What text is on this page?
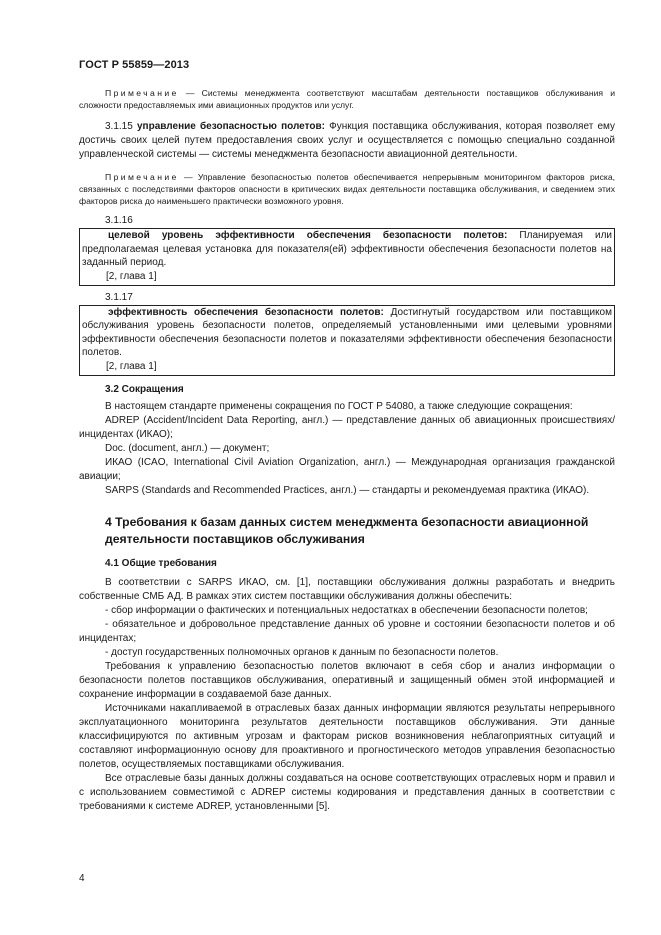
ГОСТ Р 55859—2013

Примечание — Системы менеджмента соответствуют масштабам деятельности поставщиков обслуживания и сложности предоставляемых ими авиационных продуктов или услуг.

3.1.15 управление безопасностью полетов: Функция поставщика обслуживания, которая позволяет ему достичь своих целей путем предоставления своих услуг и осуществляется с помощью специально созданной управленческой системы — системы менеджмента безопасности авиационной деятельности.

Примечание — Управление безопасностью полетов обеспечивается непрерывным мониторингом факторов риска, связанных с последствиями факторов опасности в критических видах деятельности поставщика обслуживания, и сведением этих факторов риска до наименьшего практически возможного уровня.

3.1.16

целевой уровень эффективности обеспечения безопасности полетов: Планируемая или предполагаемая целевая установка для показателя(ей) эффективности обеспечения безопасности полетов на заданный период.

[2, глава 1]
3.1.17

эффективность обеспечения безопасности полетов: Достигнутый государством или поставщиком обслуживания уровень безопасности полетов, определяемый установленными ими целевыми уровнями эффективности обеспечения безопасности полетов и показателями эффективности обеспечения безопасности полетов.

[2, глава 1]
3.2 Сокращения

В настоящем стандарте применены сокращения по ГОСТ Р 54080, а также следующие сокращения:

ADREP (Accident/Incident Data Reporting, англ.) — представление данных об авиационных происшествиях/инцидентах (ИКАО);

Doc. (document, англ.) — документ;

ИКАО (ICAO, International Civil Aviation Organization, англ.) — Международная организация гражданской авиации;

SARPS (Standards and Recommended Practices, англ.) — стандарты и рекомендуемая практика (ИКАО).

4 Требования к базам данных систем менеджмента безопасности авиационной деятельности поставщиков обслуживания
4.1 Общие требования

В соответствии с SARPS ИКАО, см. [1], поставщики обслуживания должны разработать и внедрить собственные СМБ АД. В рамках этих систем поставщики обслуживания должны обеспечить:

- сбор информации о фактических и потенциальных недостатках в обеспечении безопасности полетов;

- обязательное и добровольное представление данных об уровне и состоянии безопасности полетов и об инцидентах;

- доступ государственных полномочных органов к данным по безопасности полетов.

Требования к управлению безопасностью полетов включают в себя сбор и анализ информации о безопасности полетов поставщиков обслуживания, оперативный и защищенный обмен этой информацией и сохранение информации в создаваемой базе данных.

Источниками накапливаемой в отраслевых базах данных информации являются результаты непрерывного эксплуатационного мониторинга результатов деятельности поставщиков обслуживания. Эти данные классифицируются по активным угрозам и факторам рисков возникновения неблагоприятных ситуаций и составляют информационную основу для проактивного и прогностического методов управления безопасностью полетов, осуществляемых поставщиками обслуживания.

Все отраслевые базы данных должны создаваться на основе соответствующих отраслевых норм и правил и с использованием совместимой с ADREP системы кодирования и представления данных в соответствии с требованиями к системе ADREP, установленными [5].

4
